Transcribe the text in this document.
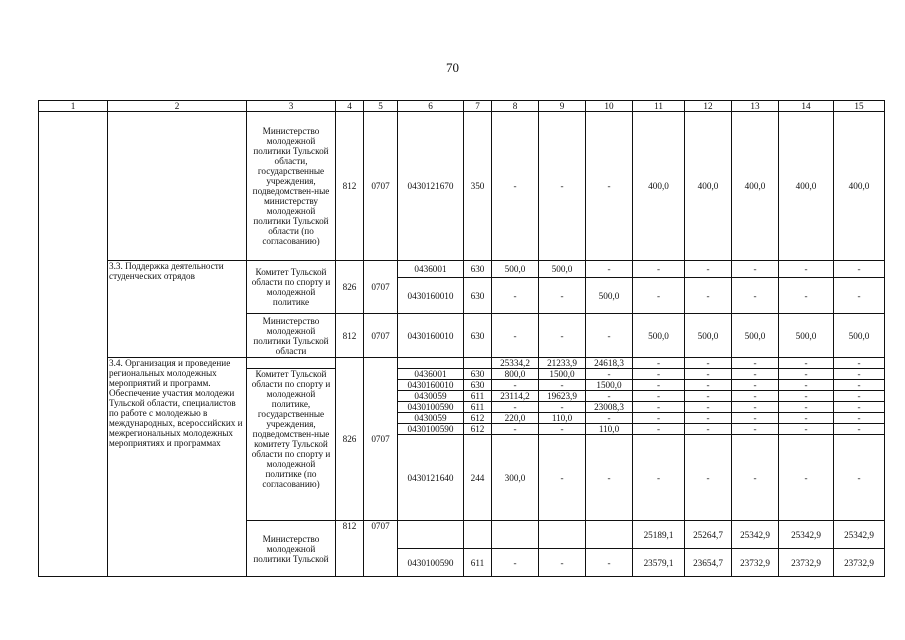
70
1	2	3	4	5	6	7	8	9	10	11	12	13	14	15
		Министерство молодежной политики Тульской области, государственные учреждения, подведомствен-ные министерству молодежной политики Тульской области (по согласованию)	812	0707	0430121670	350	-	-	-	400,0	400,0	400,0	400,0	400,0
	3.3. Поддержка деятельности студенческих отрядов	Комитет Тульской области по спорту и молодежной политике	826	0707	0436001	630	500,0	500,0	-	-	-	-	-	-
					0430160010	630	-	-	500,0	-	-	-	-	-
		Министерство молодежной политики Тульской области	812	0707	0430160010	630	-	-	-	500,0	500,0	500,0	500,0	500,0
	3.4. Организация и проведение региональных молодежных мероприятий и программ. Обеспечение участия молодежи Тульской области, специалистов по работе с молодежью в международных, всероссийских и межрегиональных молодежных мероприятиях и программах		826	0707			25334,2	21233,9	24618,3	-	-	-	-	-
		Комитет Тульской области по спорту и молодежной политике, государственные учреждения, подведомствен-ные комитету Тульской области по спорту и молодежной политике (по согласованию)			0436001	630	800,0	1500,0	-	-	-	-	-	-
					0430160010	630	-	-	1500,0	-	-	-	-	-
					0430059	611	23114,2	19623,9	-	-	-	-	-	-
					0430100590	611	-	-	23008,3	-	-	-	-	-
					0430059	612	220,0	110,0	-	-	-	-	-	-
					0430100590	612	-	-	110,0	-	-	-	-	-
					0430121640	244	300,0	-	-	-	-	-	-	-
		Министерство молодежной политики Тульской	812	0707						25189,1	25264,7	25342,9	25342,9	25342,9
					0430100590	611	-	-	-	23579,1	23654,7	23732,9	23732,9	23732,9
